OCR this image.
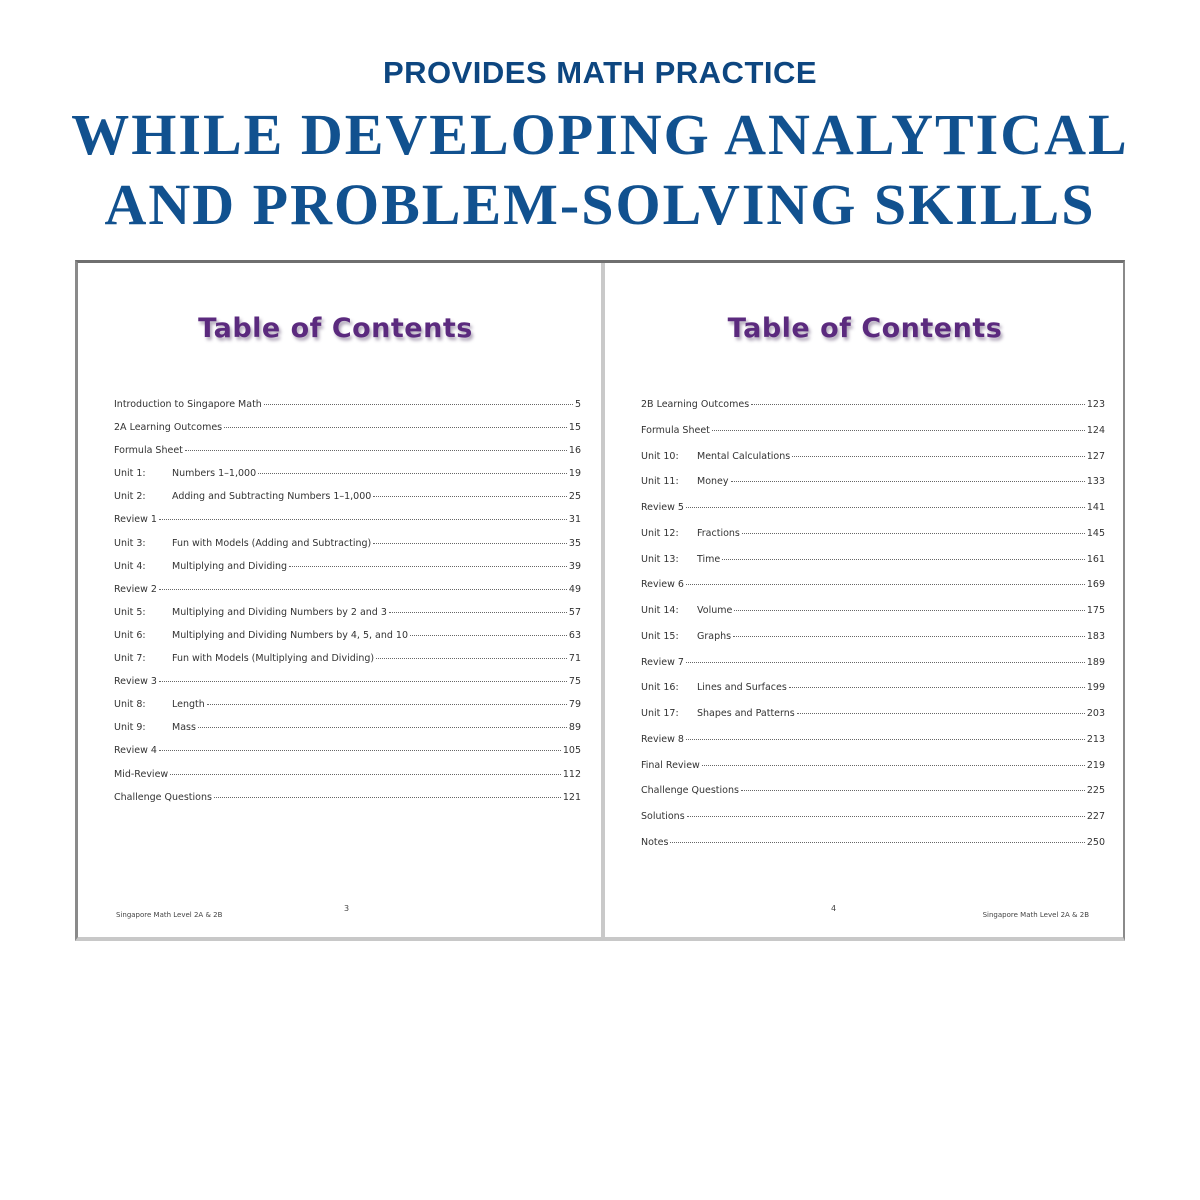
PROVIDES MATH PRACTICE
WHILE DEVELOPING ANALYTICAL
AND PROBLEM-SOLVING SKILLS
Table of Contents
Introduction to Singapore Math	5
2A Learning Outcomes	15
Formula Sheet	16
Unit 1:	Numbers 1–1,000	19
Unit 2:	Adding and Subtracting Numbers 1–1,000	25
Review 1	31
Unit 3:	Fun with Models (Adding and Subtracting)	35
Unit 4:	Multiplying and Dividing	39
Review 2	49
Unit 5:	Multiplying and Dividing Numbers by 2 and 3	57
Unit 6:	Multiplying and Dividing Numbers by 4, 5, and 10	63
Unit 7:	Fun with Models (Multiplying and Dividing)	71
Review 3	75
Unit 8:	Length	79
Unit 9:	Mass	89
Review 4	105
Mid-Review	112
Challenge Questions	121
Singapore Math Level 2A & 2B
3
Table of Contents
2B Learning Outcomes	123
Formula Sheet	124
Unit 10:	Mental Calculations	127
Unit 11:	Money	133
Review 5	141
Unit 12:	Fractions	145
Unit 13:	Time	161
Review 6	169
Unit 14:	Volume	175
Unit 15:	Graphs	183
Review 7	189
Unit 16:	Lines and Surfaces	199
Unit 17:	Shapes and Patterns	203
Review 8	213
Final Review	219
Challenge Questions	225
Solutions	227
Notes	250
4
Singapore Math Level 2A & 2B
